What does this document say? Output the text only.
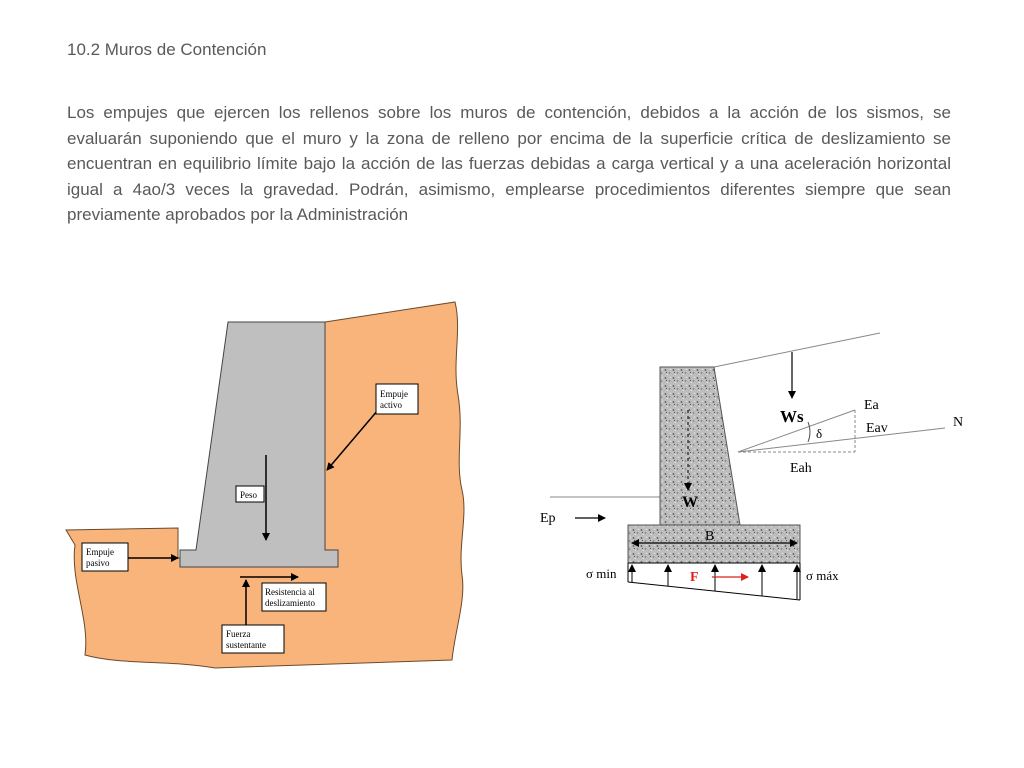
10.2 Muros de Contención
Los empujes que ejercen los rellenos sobre los muros de contención, debidos a la acción de los sismos, se evaluarán suponiendo que el muro y la zona de relleno por encima de la superficie crítica de deslizamiento se encuentran en equilibrio límite bajo la acción de las fuerzas debidas a carga vertical y a una aceleración horizontal igual a 4ao/3 veces la gravedad. Podrán, asimismo, emplearse procedimientos diferentes siempre que sean previamente aprobados por la Administración
Empuje
activo
Peso
Empuje
pasivo
Resistencia al
deslizamiento
Fuerza
sustentante
Ws
W
δ
Ea
N
Eav
Eah
Ep
B
σ min	σ máx
F
